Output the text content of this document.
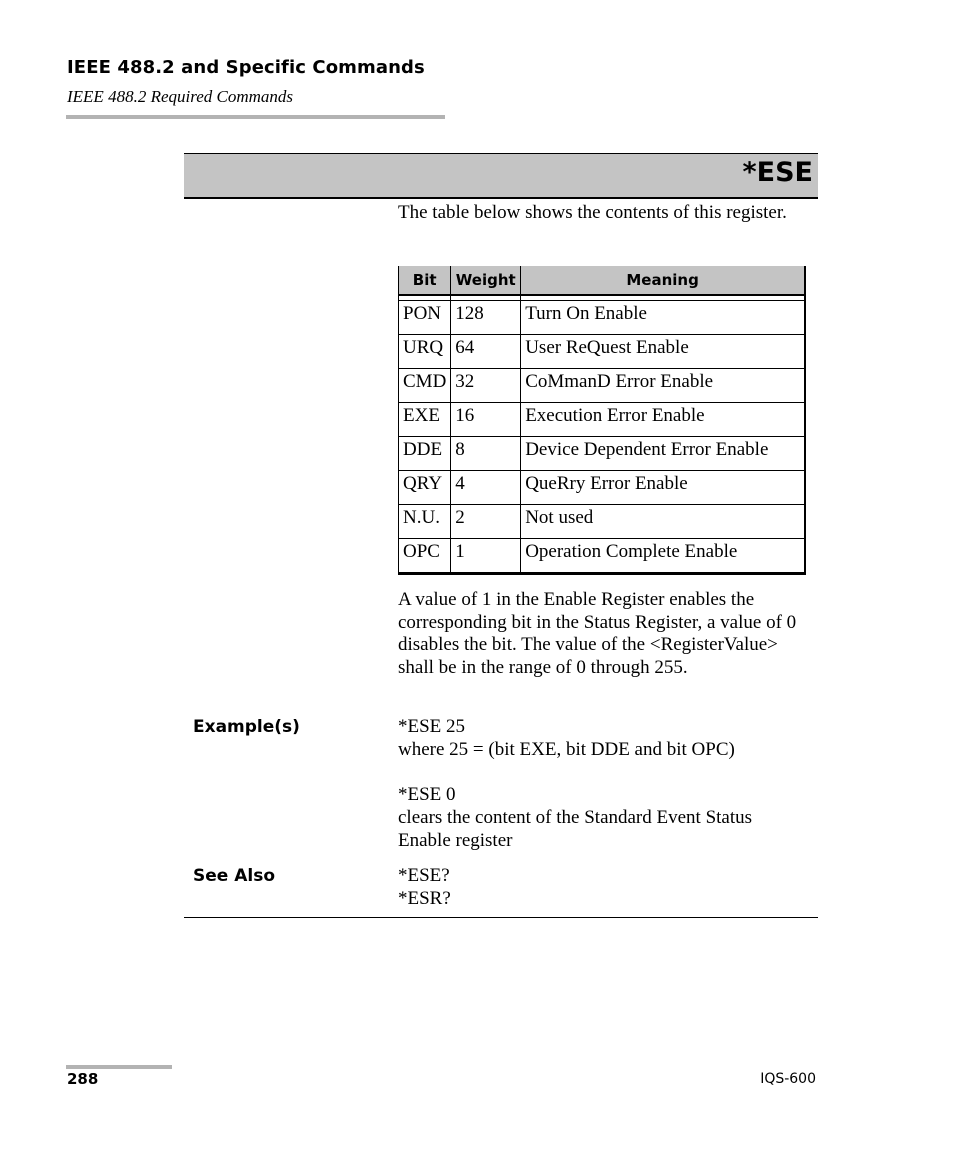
IEEE 488.2 and Specific Commands
IEEE 488.2 Required Commands
*ESE
The table below shows the contents of this register.
Bit	Weight	Meaning

PON	128	Turn On Enable
URQ	64	User ReQuest Enable
CMD	32	CoMmanD Error Enable
EXE	16	Execution Error Enable
DDE	8	Device Dependent Error Enable
QRY	4	QueRry Error Enable
N.U.	2	Not used
OPC	1	Operation Complete Enable
A value of 1 in the Enable Register enables the corresponding bit in the Status Register, a value of 0 disables the bit. The value of the <RegisterValue> shall be in the range of 0 through 255.
Example(s)	*ESE 25
where 25 = (bit EXE, bit DDE and bit OPC)
*ESE 0
clears the content of the Standard Event Status Enable register
See Also	*ESE?
*ESR?
288	IQS-600
